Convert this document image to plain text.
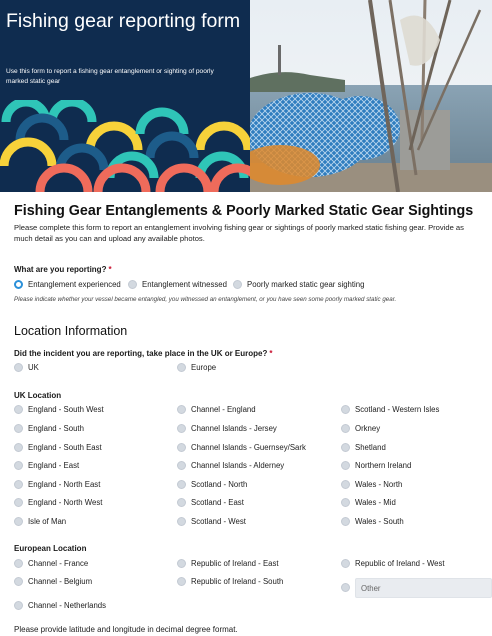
Fishing gear reporting form
Use this form to report a fishing gear entanglement or sighting of poorly marked static gear
Fishing Gear Entanglements & Poorly Marked Static Gear Sightings
Please complete this form to report an entanglement involving fishing gear or sightings of poorly marked static fishing gear. Provide as much detail as you can and upload any available photos.
What are you reporting? *
Entanglement experienced	Entanglement witnessed	Poorly marked static gear sighting
Please indicate whether your vessel became entangled, you witnessed an entanglement, or you have seen some poorly marked static gear.
Location Information
Did the incident you are reporting, take place in the UK or Europe? *
UK	Europe
UK Location
England - South West
England - South
England - South East
England - East
England - North East
England - North West
Isle of Man
Channel - England
Channel Islands - Jersey
Channel Islands - Guernsey/Sark
Channel Islands - Alderney
Scotland - North
Scotland - East
Scotland - West
Scotland - Western Isles
Orkney
Shetland
Northern Ireland
Wales - North
Wales - Mid
Wales - South
European Location
Channel - France
Channel - Belgium
Channel - Netherlands
Republic of Ireland - East
Republic of Ireland - South
Republic of Ireland - West
Other
Please provide latitude and longitude in decimal degree format.
